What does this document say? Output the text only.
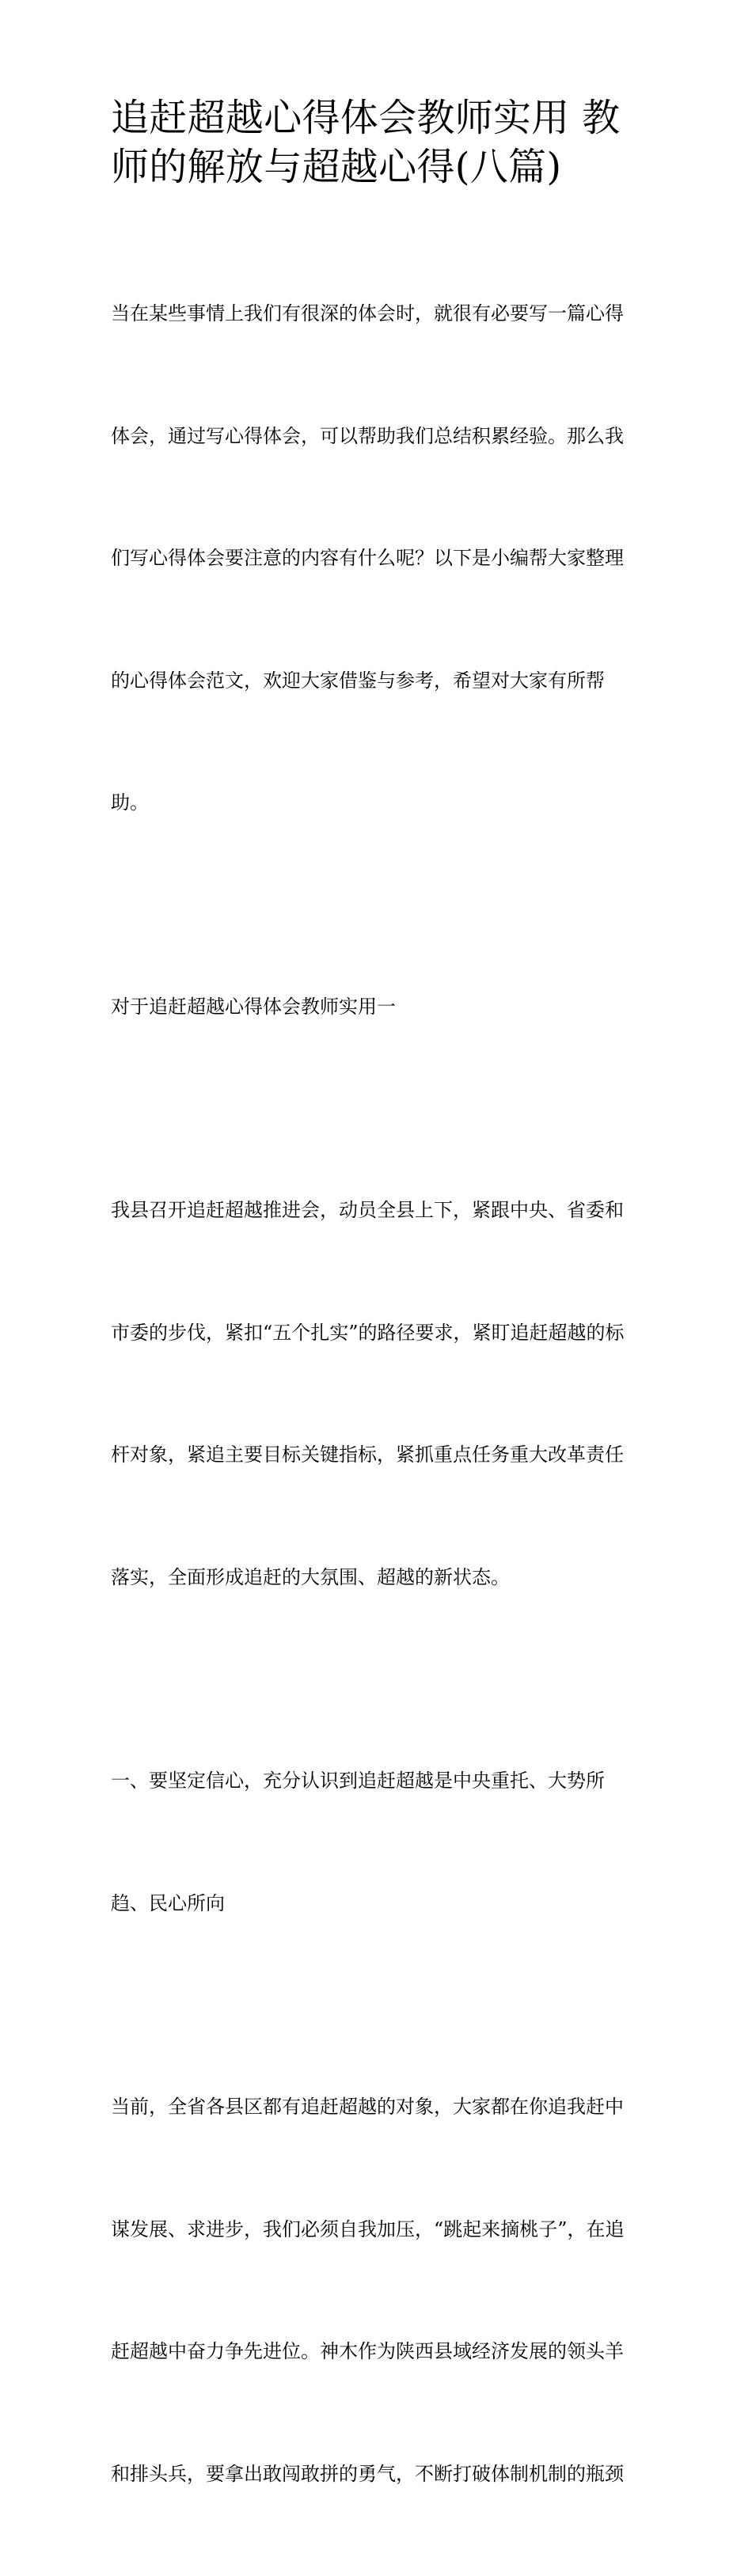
追赶超越心得体会教师实用 教
师的解放与超越心得(八篇)

当在某些事情上我们有很深的体会时，就很有必要写一篇心得

体会，通过写心得体会，可以帮助我们总结积累经验。那么我

们写心得体会要注意的内容有什么呢？以下是小编帮大家整理

的心得体会范文，欢迎大家借鉴与参考，希望对大家有所帮

助。

对于追赶超越心得体会教师实用一

我县召开追赶超越推进会，动员全县上下，紧跟中央、省委和

市委的步伐，紧扣“五个扎实”的路径要求，紧盯追赶超越的标

杆对象，紧追主要目标关键指标，紧抓重点任务重大改革责任

落实，全面形成追赶的大氛围、超越的新状态。

一、要坚定信心，充分认识到追赶超越是中央重托、大势所

趋、民心所向

当前，全省各县区都有追赶超越的对象，大家都在你追我赶中

谋发展、求进步，我们必须自我加压，“跳起来摘桃子”，在追

赶超越中奋力争先进位。神木作为陕西县域经济发展的领头羊

和排头兵，要拿出敢闯敢拼的勇气，不断打破体制机制的瓶颈
